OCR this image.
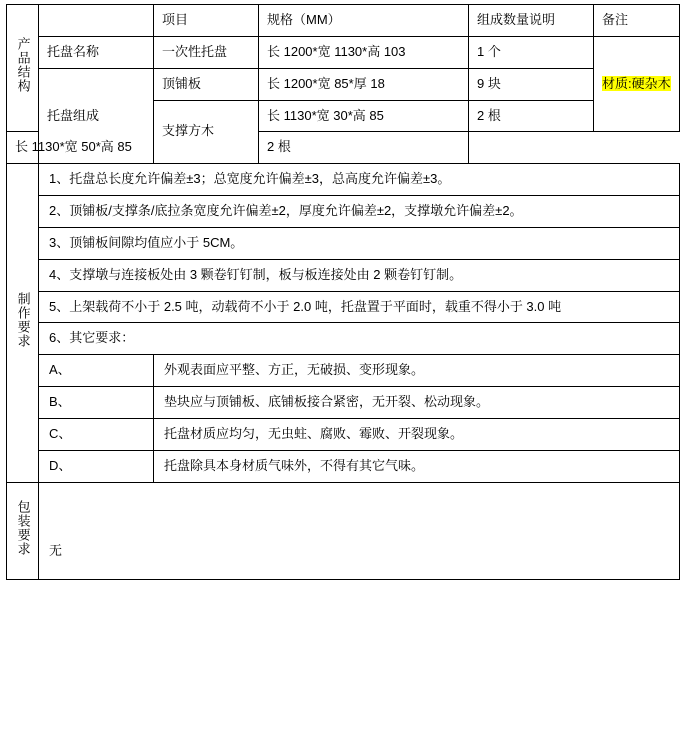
产品结构		项目	规格（MM）	组成数量说明	备注
	托盘名称	一次性托盘	长 1200*宽 1130*高 103	1 个	材质:硬杂木
	托盘组成	顶铺板	长 1200*宽 85*厚 18	9 块	
		支撑方木	长 1130*宽 30*高 85	2 根	
长 1130*宽 50*高 85			2 根		
制作要求	1、托盘总长度允许偏差±3；总宽度允许偏差±3，总高度允许偏差±3。				
	2、顶铺板/支撑条/底拉条宽度允许偏差±2，厚度允许偏差±2，支撑墩允许偏差±2。				
	3、顶铺板间隙均值应小于 5CM。				
	4、支撑墩与连接板处由 3 颗卷钉钉制，板与板连接处由 2 颗卷钉钉制。				
	5、上架载荷不小于 2.5 吨，动载荷不小于 2.0 吨，托盘置于平面时，载重不得小于 3.0 吨				
	6、其它要求：				
	A、	外观表面应平整、方正，无破损、变形现象。			
	B、	垫块应与顶铺板、底铺板接合紧密，无开裂、松动现象。			
	C、	托盘材质应均匀，无虫蛀、腐败、霉败、开裂现象。			
	D、	托盘除具本身材质气味外，不得有其它气味。			
包装要求	无				
